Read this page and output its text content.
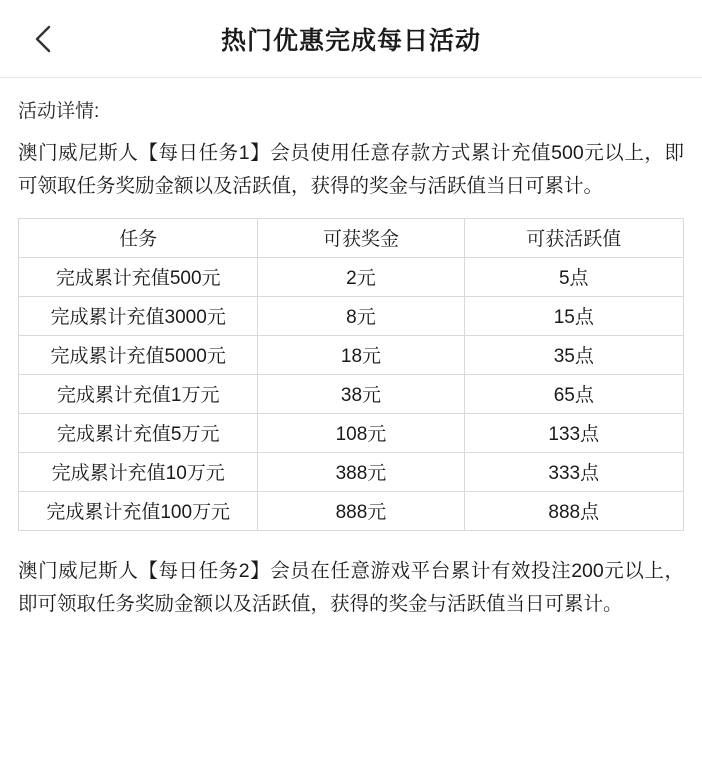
热门优惠完成每日活动

活动详情:

澳门威尼斯人【每日任务1】会员使用任意存款方式累计充值500元以上，即可领取任务奖励金额以及活跃值，获得的奖金与活跃值当日可累计。

任务	可获奖金	可获活跃值
完成累计充值500元	2元	5点
完成累计充值3000元	8元	15点
完成累计充值5000元	18元	35点
完成累计充值1万元	38元	65点
完成累计充值5万元	108元	133点
完成累计充值10万元	388元	333点
完成累计充值100万元	888元	888点

澳门威尼斯人【每日任务2】会员在任意游戏平台累计有效投注200元以上，即可领取任务奖励金额以及活跃值，获得的奖金与活跃值当日可累计。
